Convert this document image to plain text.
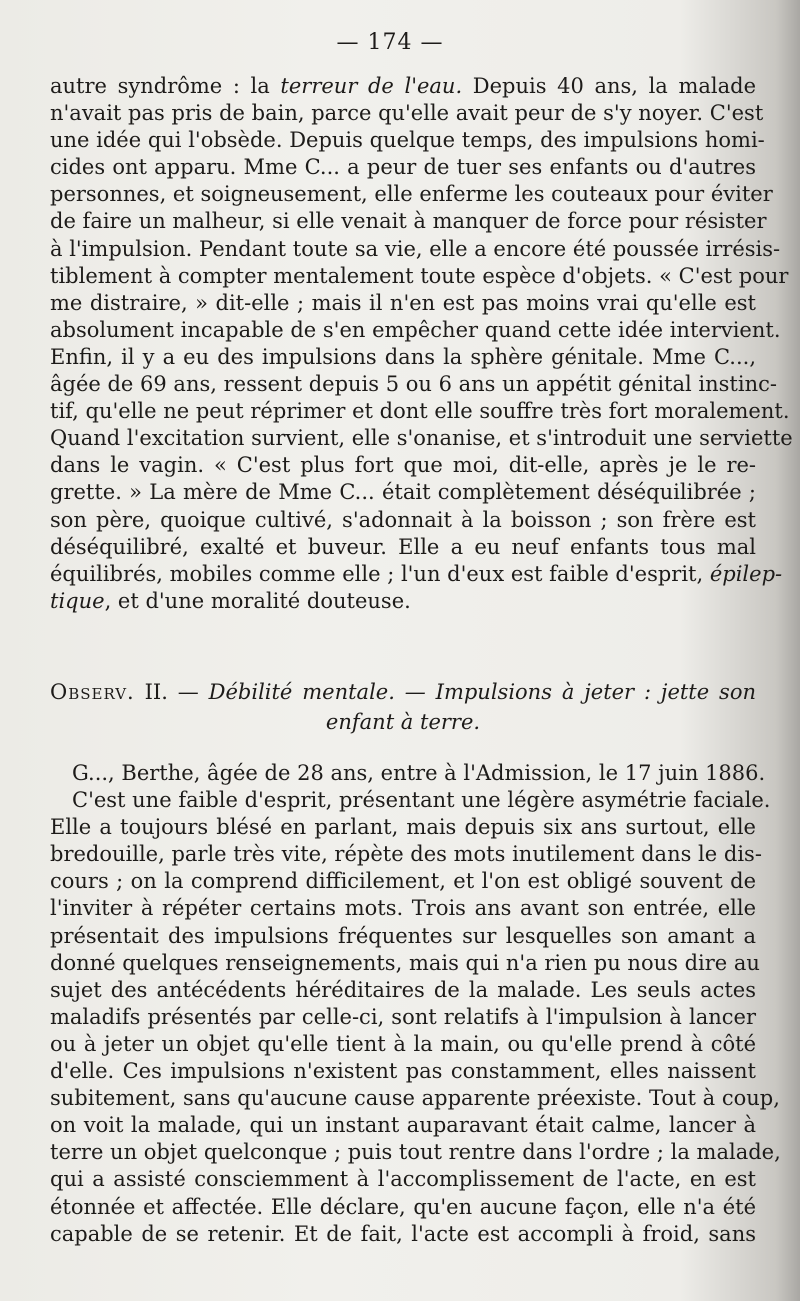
— 174 —
autre syndrôme : la terreur de l'eau. Depuis 40 ans, la malade
n'avait pas pris de bain, parce qu'elle avait peur de s'y noyer. C'est
une idée qui l'obsède. Depuis quelque temps, des impulsions homi-
cides ont apparu. Mme C... a peur de tuer ses enfants ou d'autres
personnes, et soigneusement, elle enferme les couteaux pour éviter
de faire un malheur, si elle venait à manquer de force pour résister
à l'impulsion. Pendant toute sa vie, elle a encore été poussée irrésis-
tiblement à compter mentalement toute espèce d'objets. « C'est pour
me distraire, » dit-elle ; mais il n'en est pas moins vrai qu'elle est
absolument incapable de s'en empêcher quand cette idée intervient.
Enfin, il y a eu des impulsions dans la sphère génitale. Mme C...,
âgée de 69 ans, ressent depuis 5 ou 6 ans un appétit génital instinc-
tif, qu'elle ne peut réprimer et dont elle souffre très fort moralement.
Quand l'excitation survient, elle s'onanise, et s'introduit une serviette
dans le vagin. « C'est plus fort que moi, dit-elle, après je le re-
grette. » La mère de Mme C... était complètement déséquilibrée ;
son père, quoique cultivé, s'adonnait à la boisson ; son frère est
déséquilibré, exalté et buveur. Elle a eu neuf enfants tous mal
équilibrés, mobiles comme elle ; l'un d'eux est faible d'esprit, épilep-
tique, et d'une moralité douteuse.
Observ. II. — Débilité mentale. — Impulsions à jeter : jette son
enfant à terre.
G..., Berthe, âgée de 28 ans, entre à l'Admission, le 17 juin 1886.
C'est une faible d'esprit, présentant une légère asymétrie faciale.
Elle a toujours blésé en parlant, mais depuis six ans surtout, elle
bredouille, parle très vite, répète des mots inutilement dans le dis-
cours ; on la comprend difficilement, et l'on est obligé souvent de
l'inviter à répéter certains mots. Trois ans avant son entrée, elle
présentait des impulsions fréquentes sur lesquelles son amant a
donné quelques renseignements, mais qui n'a rien pu nous dire au
sujet des antécédents héréditaires de la malade. Les seuls actes
maladifs présentés par celle-ci, sont relatifs à l'impulsion à lancer
ou à jeter un objet qu'elle tient à la main, ou qu'elle prend à côté
d'elle. Ces impulsions n'existent pas constamment, elles naissent
subitement, sans qu'aucune cause apparente préexiste. Tout à coup,
on voit la malade, qui un instant auparavant était calme, lancer à
terre un objet quelconque ; puis tout rentre dans l'ordre ; la malade,
qui a assisté consciemment à l'accomplissement de l'acte, en est
étonnée et affectée. Elle déclare, qu'en aucune façon, elle n'a été
capable de se retenir. Et de fait, l'acte est accompli à froid, sans
